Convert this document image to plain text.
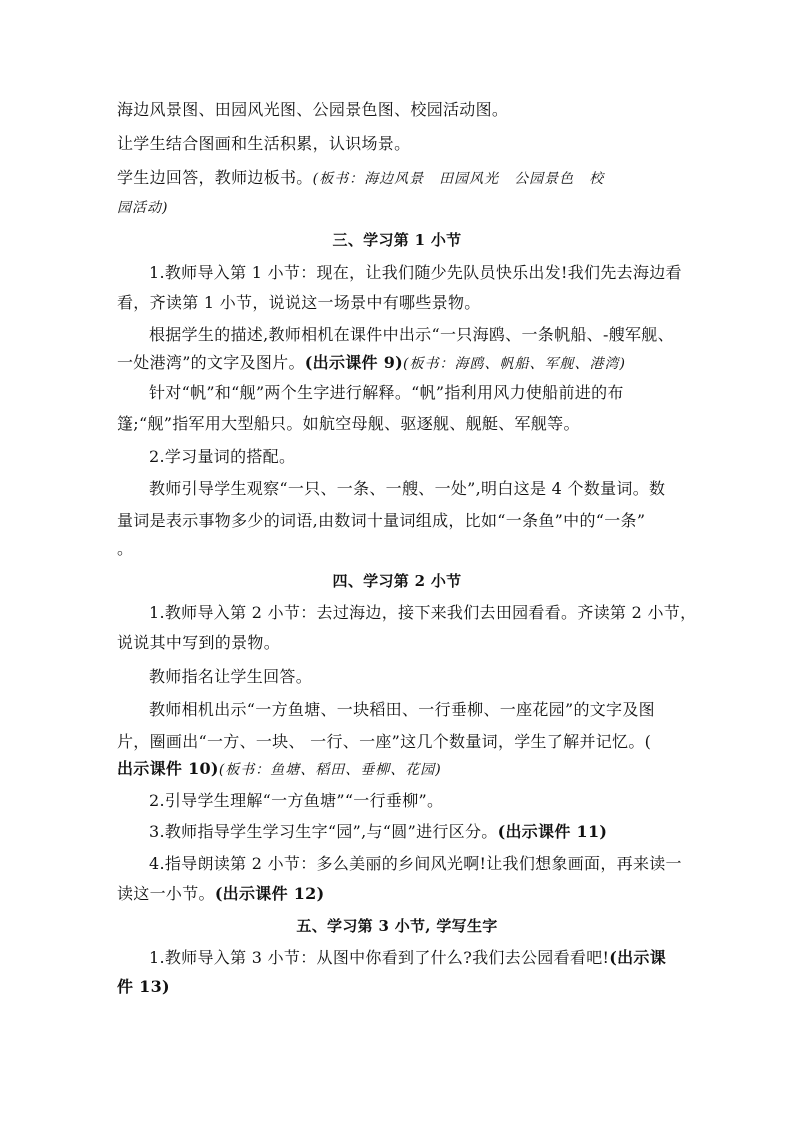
海边风景图、田园风光图、公园景色图、校园活动图。
让学生结合图画和生活积累，认识场景。
学生边回答，教师边板书。(板书：海边风景　田园风光　公园景色　校
园活动)
三、学习第 1 小节
1.教师导入第 1 小节：现在，让我们随少先队员快乐出发!我们先去海边看
看，齐读第 1 小节，说说这一场景中有哪些景物。
根据学生的描述,教师相机在课件中出示“一只海鸥、一条帆船、-艘军舰、
一处港湾”的文字及图片。(出示课件 9)(板书：海鸥、帆船、军舰、港湾)
针对“帆”和“舰”两个生字进行解释。“帆”指利用风力使船前进的布
篷;“舰”指军用大型船只。如航空母舰、驱逐舰、舰艇、军舰等。
2.学习量词的搭配。
教师引导学生观察“一只、一条、一艘、一处”,明白这是 4 个数量词。数
量词是表示事物多少的词语,由数词十量词组成，比如“一条鱼”中的“一条”
。
四、学习第 2 小节
1.教师导入第 2 小节：去过海边，接下来我们去田园看看。齐读第 2 小节，
说说其中写到的景物。
教师指名让学生回答。
教师相机出示“一方鱼塘、一块稻田、一行垂柳、一座花园”的文字及图
片，圈画出“一方、一块、 一行、一座”这几个数量词，学生了解并记忆。(
出示课件 10)(板书：鱼塘、稻田、垂柳、花园)
2.引导学生理解“一方鱼塘”“一行垂柳”。
3.教师指导学生学习生字“园”,与“圆”进行区分。(出示课件 11)
4.指导朗读第 2 小节：多么美丽的乡间风光啊!让我们想象画面，再来读一
读这一小节。(出示课件 12)
五、学习第 3 小节, 学写生字
1.教师导入第 3 小节：从图中你看到了什么?我们去公园看看吧!(出示课
件 13)
